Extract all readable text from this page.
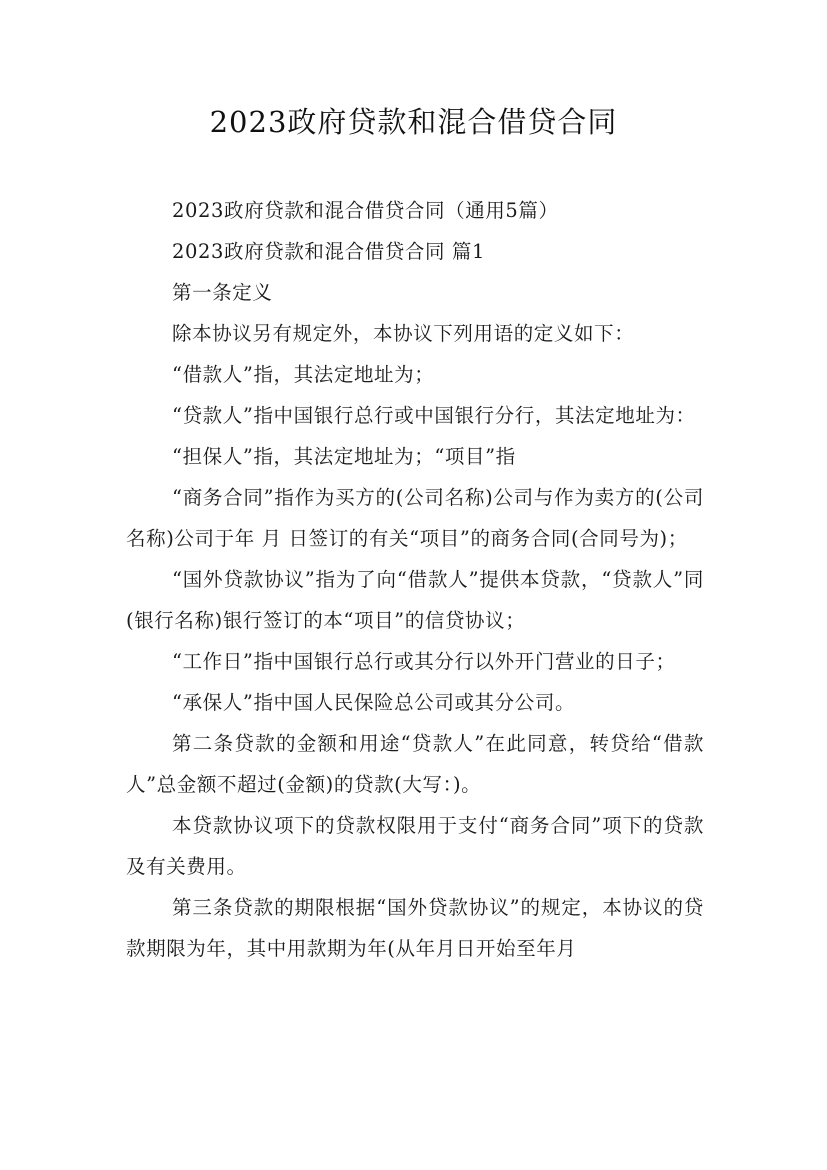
2023政府贷款和混合借贷合同

2023政府贷款和混合借贷合同（通用5篇）

2023政府贷款和混合借贷合同 篇1

第一条定义

除本协议另有规定外，本协议下列用语的定义如下：

“借款人”指，其法定地址为；

“贷款人”指中国银行总行或中国银行分行，其法定地址为：

“担保人”指，其法定地址为；“项目”指

“商务合同”指作为买方的(公司名称)公司与作为卖方的(公司名称)公司于年 月 日签订的有关“项目”的商务合同(合同号为)；

“国外贷款协议”指为了向“借款人”提供本贷款，“贷款人”同(银行名称)银行签订的本“项目”的信贷协议；

“工作日”指中国银行总行或其分行以外开门营业的日子；

“承保人”指中国人民保险总公司或其分公司。

第二条贷款的金额和用途“贷款人”在此同意，转贷给“借款人”总金额不超过(金额)的贷款(大写：)。

本贷款协议项下的贷款权限用于支付“商务合同”项下的贷款及有关费用。

第三条贷款的期限根据“国外贷款协议”的规定，本协议的贷款期限为年，其中用款期为年(从年月日开始至年月
